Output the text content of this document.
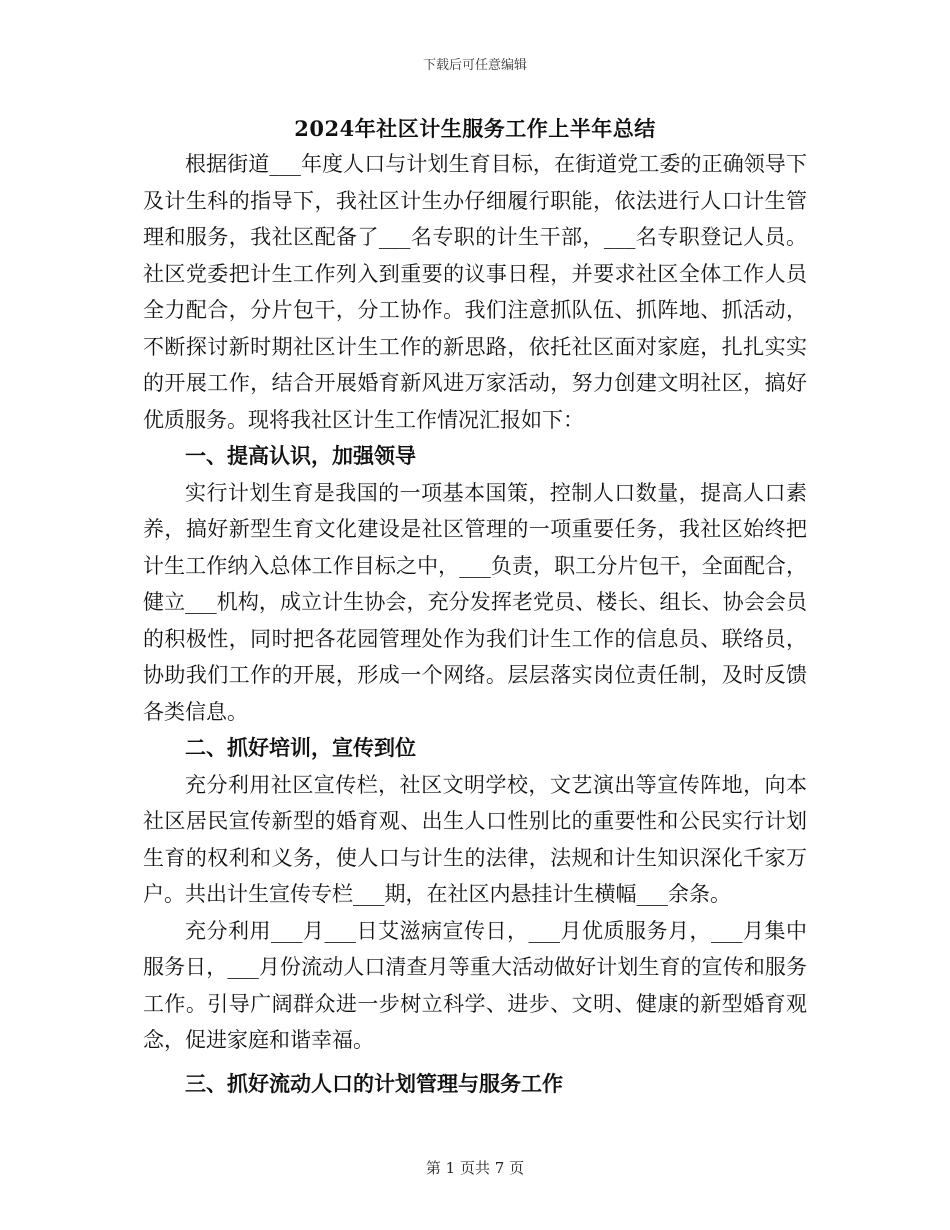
下载后可任意编辑
2024年社区计生服务工作上半年总结

根据街道___年度人口与计划生育目标，在街道党工委的正确领导下及计生科的指导下，我社区计生办仔细履行职能，依法进行人口计生管理和服务，我社区配备了___名专职的计生干部，___名专职登记人员。社区党委把计生工作列入到重要的议事日程，并要求社区全体工作人员全力配合，分片包干，分工协作。我们注意抓队伍、抓阵地、抓活动，不断探讨新时期社区计生工作的新思路，依托社区面对家庭，扎扎实实的开展工作，结合开展婚育新风进万家活动，努力创建文明社区，搞好优质服务。现将我社区计生工作情况汇报如下：

一、提高认识，加强领导

实行计划生育是我国的一项基本国策，控制人口数量，提高人口素养，搞好新型生育文化建设是社区管理的一项重要任务，我社区始终把计生工作纳入总体工作目标之中，___负责，职工分片包干，全面配合，健立___机构，成立计生协会，充分发挥老党员、楼长、组长、协会会员的积极性，同时把各花园管理处作为我们计生工作的信息员、联络员，协助我们工作的开展，形成一个网络。层层落实岗位责任制，及时反馈各类信息。

二、抓好培训，宣传到位

充分利用社区宣传栏，社区文明学校，文艺演出等宣传阵地，向本社区居民宣传新型的婚育观、出生人口性别比的重要性和公民实行计划生育的权利和义务，使人口与计生的法律，法规和计生知识深化千家万户。共出计生宣传专栏___期，在社区内悬挂计生横幅___余条。

充分利用___月___日艾滋病宣传日，___月优质服务月，___月集中服务日，___月份流动人口清查月等重大活动做好计划生育的宣传和服务工作。引导广阔群众进一步树立科学、进步、文明、健康的新型婚育观念，促进家庭和谐幸福。

三、抓好流动人口的计划管理与服务工作
第 1 页共 7 页
